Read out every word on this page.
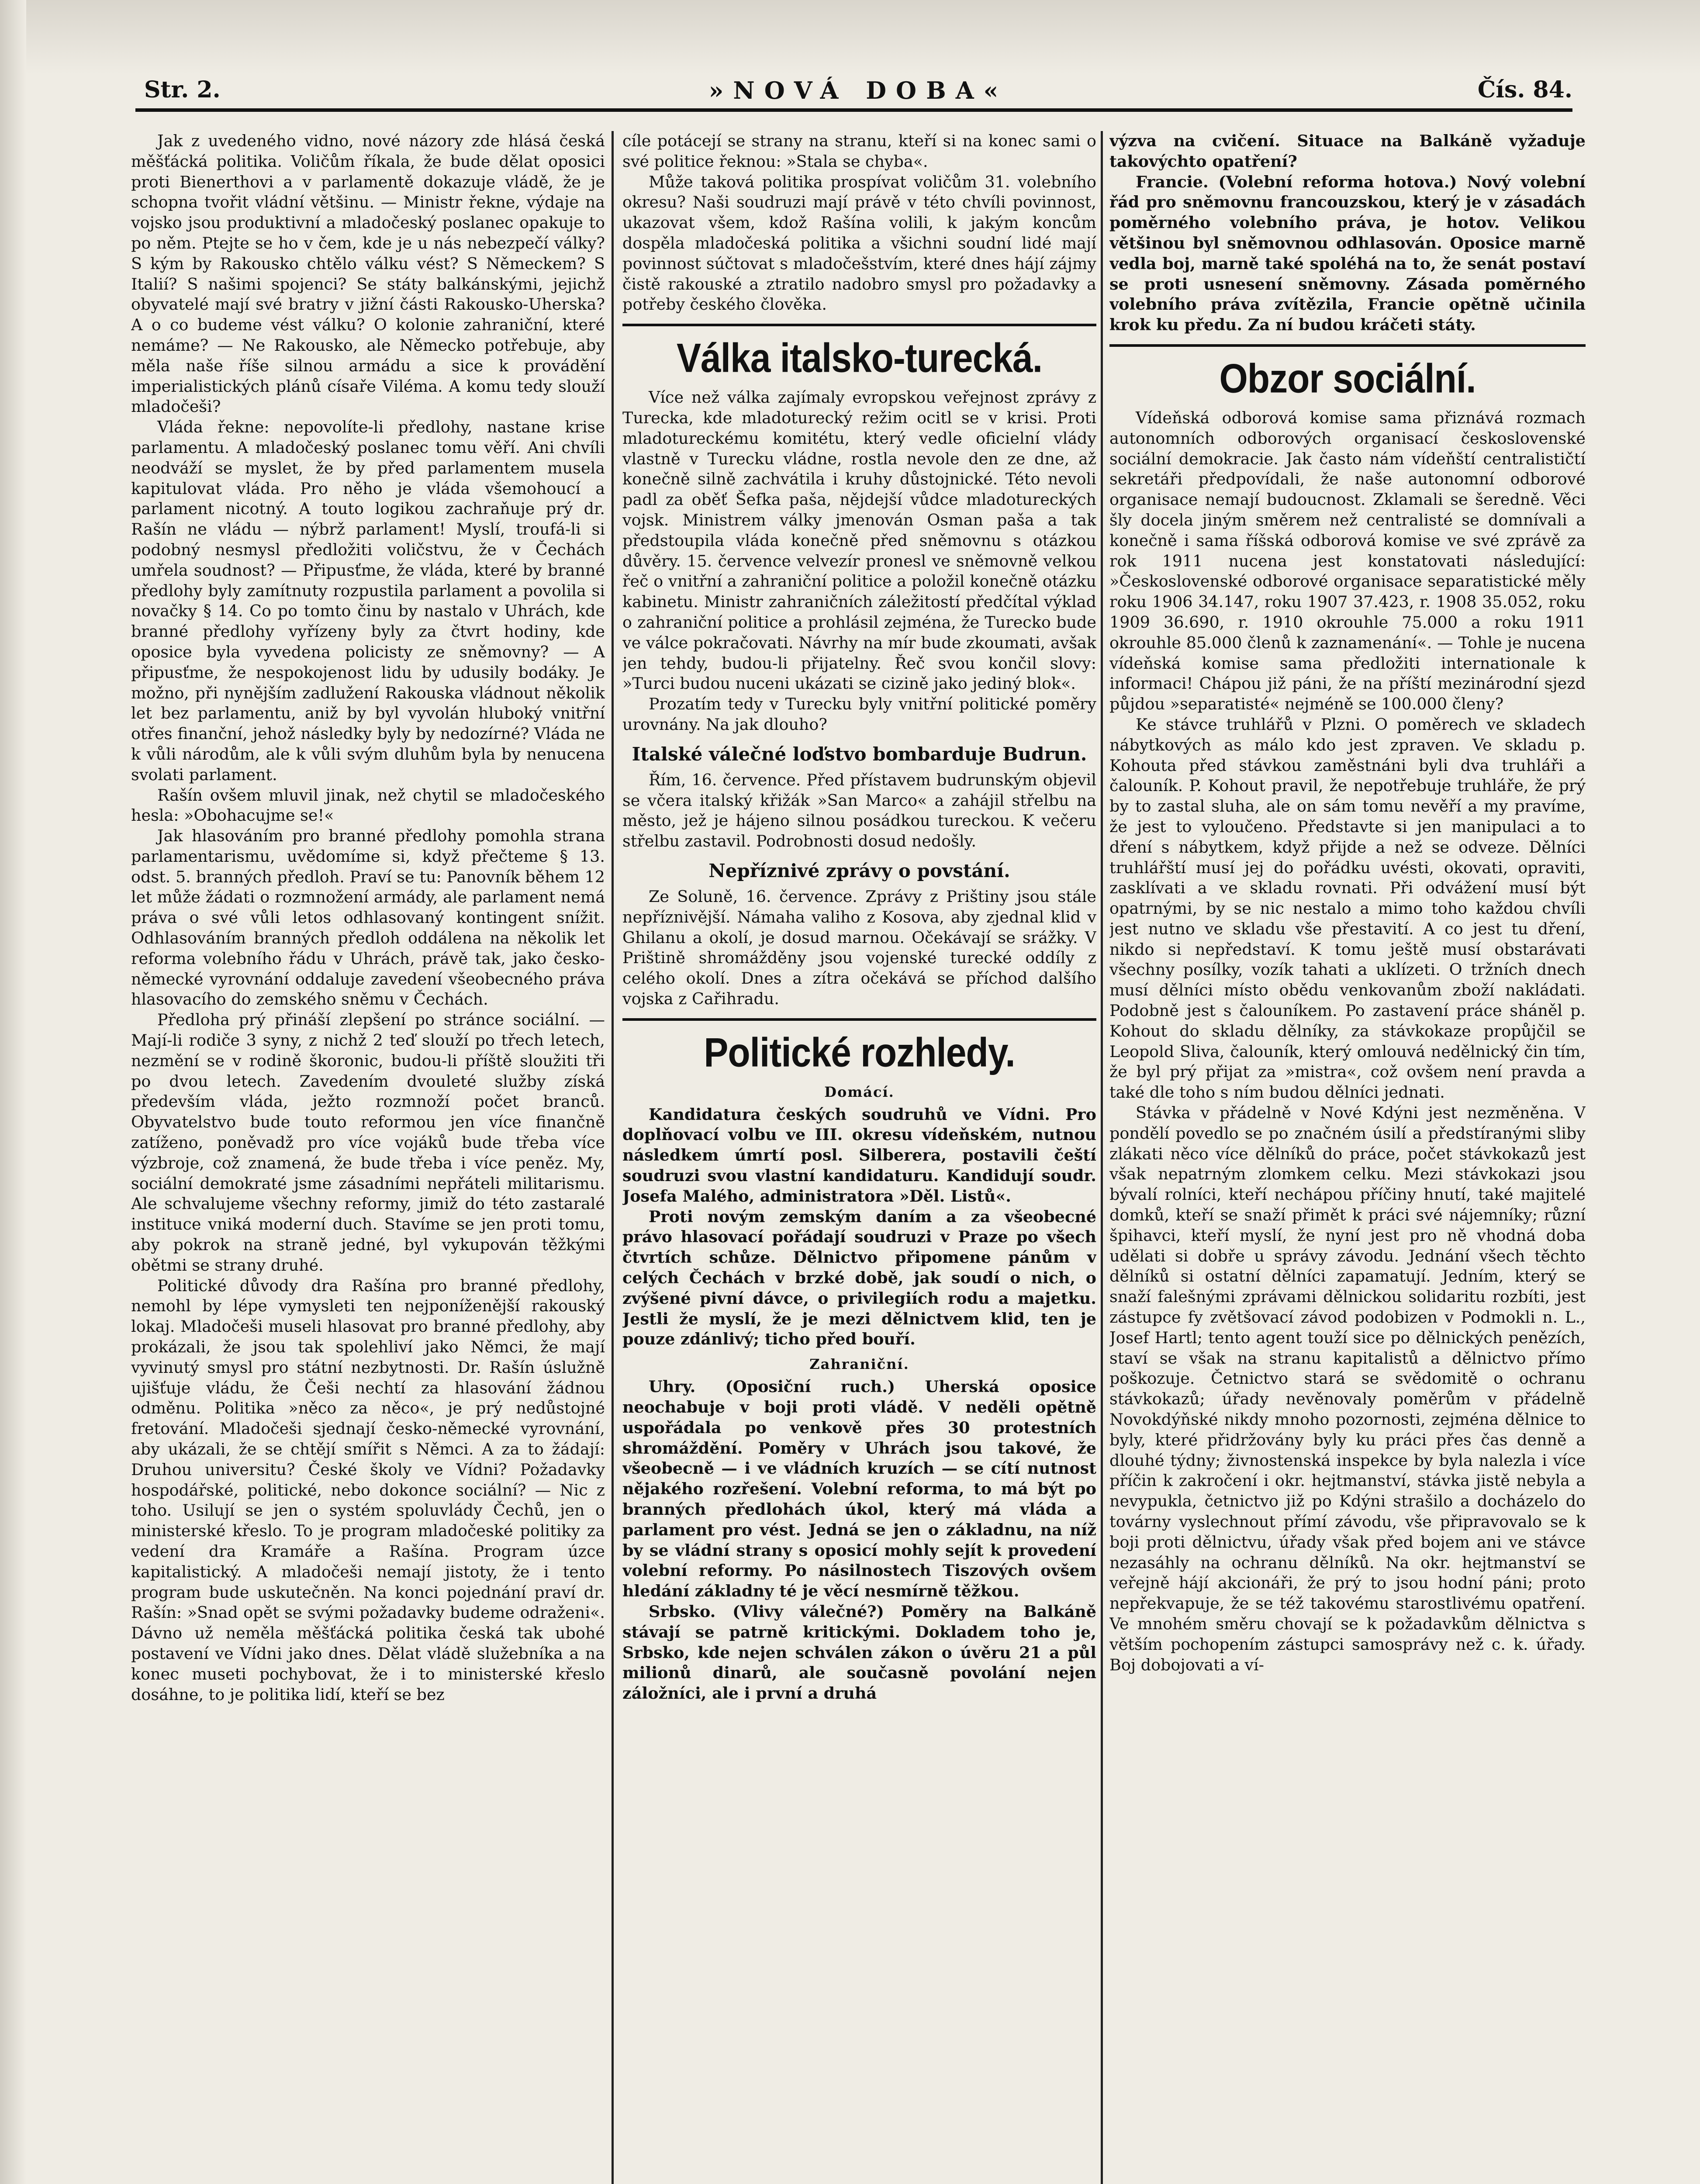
Str. 2.	»NOVÁ DOBA«	Čís. 84.

Jak z uvedeného vidno, nové názory zde hlásá česká měšťácká politika. Voličům říkala, že bude dělat oposici proti Bienerthovi a v parlamentě dokazuje vládě, že je schopna tvořit vládní většinu. — Ministr řekne, výdaje na vojsko jsou produktivní a mladočeský poslanec opakuje to po něm. Ptejte se ho v čem, kde je u nás nebezpečí války? S kým by Rakousko chtělo válku vést? S Německem? S Italií? S našimi spojenci? Se státy balkánskými, jejichž obyvatelé mají své bratry v jižní části Rakousko-Uherska? A o co budeme vést válku? O kolonie zahraniční, které nemáme? — Ne Rakousko, ale Německo potřebuje, aby měla naše říše silnou armádu a sice k provádění imperialistických plánů císaře Viléma. A komu tedy slouží mladočeši?

Vláda řekne: nepovolíte-li předlohy, nastane krise parlamentu. A mladočeský poslanec tomu věří. Ani chvíli neodváží se myslet, že by před parlamentem musela kapitulovat vláda. Pro něho je vláda všemohoucí a parlament nicotný. A touto logikou zachraňuje prý dr. Rašín ne vládu — nýbrž parlament! Myslí, troufá-li si podobný nesmysl předložiti voličstvu, že v Čechách umřela soudnost? — Připusťme, že vláda, které by branné předlohy byly zamítnuty rozpustila parlament a povolila si novačky § 14. Co po tomto činu by nastalo v Uhrách, kde branné předlohy vyřízeny byly za čtvrt hodiny, kde oposice byla vyvedena policisty ze sněmovny? — A připusťme, že nespokojenost lidu by udusily bodáky. Je možno, při nynějším zadlužení Rakouska vládnout několik let bez parlamentu, aniž by byl vyvolán hluboký vnitřní otřes finanční, jehož následky byly by nedozírné? Vláda ne k vůli národům, ale k vůli svým dluhům byla by nenucena svolati parlament.

Rašín ovšem mluvil jinak, než chytil se mladočeského hesla: »Obohacujme se!«

Jak hlasováním pro branné předlohy pomohla strana parlamentarismu, uvědomíme si, když přečteme § 13. odst. 5. branných předloh. Praví se tu: Panovník během 12 let může žádati o rozmnožení armády, ale parlament nemá práva o své vůli letos odhlasovaný kontingent snížit. Odhlasováním branných předloh oddálena na několik let reforma volebního řádu v Uhrách, právě tak, jako česko-německé vyrovnání oddaluje zavedení všeobecného práva hlasovacího do zemského sněmu v Čechách.

Předloha prý přináší zlepšení po stránce sociální. — Mají-li rodiče 3 syny, z nichž 2 teď slouží po třech letech, nezmění se v rodině škoronic, budou-li příště sloužiti tři po dvou letech. Zavedením dvouleté služby získá především vláda, ježto rozmnoží počet branců. Obyvatelstvo bude touto reformou jen více finančně zatíženo, poněvadž pro více vojáků bude třeba více výzbroje, což znamená, že bude třeba i více peněz. My, sociální demokraté jsme zásadními nepřáteli militarismu. Ale schvalujeme všechny reformy, jimiž do této zastaralé instituce vniká moderní duch. Stavíme se jen proti tomu, aby pokrok na straně jedné, byl vykupován těžkými obětmi se strany druhé.

Politické důvody dra Rašína pro branné předlohy, nemohl by lépe vymysleti ten nejponíženější rakouský lokaj. Mladočeši museli hlasovat pro branné předlohy, aby prokázali, že jsou tak spolehliví jako Němci, že mají vyvinutý smysl pro státní nezbytnosti. Dr. Rašín úslužně ujišťuje vládu, že Češi nechtí za hlasování žádnou odměnu. Politika »něco za něco«, je prý nedůstojné fretování. Mladočeši sjednají česko-německé vyrovnání, aby ukázali, že se chtějí smířit s Němci. A za to žádají: Druhou universitu? České školy ve Vídni? Požadavky hospodářské, politické, nebo dokonce sociální? — Nic z toho. Usilují se jen o systém spoluvlády Čechů, jen o ministerské křeslo. To je program mladočeské politiky za vedení dra Kramáře a Rašína. Program úzce kapitalistický. A mladočeši nemají jistoty, že i tento program bude uskutečněn. Na konci pojednání praví dr. Rašín: »Snad opět se svými požadavky budeme odraženi«. Dávno už neměla měšťácká politika česká tak ubohé postavení ve Vídni jako dnes. Dělat vládě služebníka a na konec museti pochybovat, že i to ministerské křeslo dosáhne, to je politika lidí, kteří se bez

cíle potácejí se strany na stranu, kteří si na konec sami o své politice řeknou: »Stala se chyba«.

Může taková politika prospívat voličům 31. volebního okresu? Naši soudruzi mají právě v této chvíli povinnost, ukazovat všem, kdož Rašína volili, k jakým koncům dospěla mladočeská politika a všichni soudní lidé mají povinnost súčtovat s mladočešstvím, které dnes hájí zájmy čistě rakouské a ztratilo nadobro smysl pro požadavky a potřeby českého člověka.

Válka italsko-turecká.

Více než válka zajímaly evropskou veřejnost zprávy z Turecka, kde mladoturecký režim ocitl se v krisi. Proti mladotureckému komitétu, který vedle oficielní vlády vlastně v Turecku vládne, rostla nevole den ze dne, až konečně silně zachvátila i kruhy důstojnické. Této nevoli padl za oběť Šefka paša, nějdejší vůdce mladotureckých vojsk. Ministrem války jmenován Osman paša a tak předstoupila vláda konečně před sněmovnu s otázkou důvěry. 15. července velvezír pronesl ve sněmovně velkou řeč o vnitřní a zahraniční politice a položil konečně otázku kabinetu. Ministr zahraničních záležitostí předčítal výklad o zahraniční politice a prohlásil zejména, že Turecko bude ve válce pokračovati. Návrhy na mír bude zkoumati, avšak jen tehdy, budou-li přijatelny. Řeč svou končil slovy: »Turci budou nuceni ukázati se cizině jako jediný blok«.

Prozatím tedy v Turecku byly vnitřní politické poměry urovnány. Na jak dlouho?

Italské válečné loďstvo bombarduje Budrun.

Řím, 16. července. Před přístavem budrunským objevil se včera italský křižák »San Marco« a zahájil střelbu na město, jež je hájeno silnou posádkou tureckou. K večeru střelbu zastavil. Podrobnosti dosud nedošly.

Nepříznivé zprávy o povstání.

Ze Soluně, 16. července. Zprávy z Prištiny jsou stále nepříznivější. Námaha valiho z Kosova, aby zjednal klid v Ghilanu a okolí, je dosud marnou. Očekávají se srážky. V Prištině shromážděny jsou vojenské turecké oddíly z celého okolí. Dnes a zítra očekává se příchod dalšího vojska z Cařihradu.

Politické rozhledy.
Domácí.

Kandidatura českých soudruhů ve Vídni. Pro doplňovací volbu ve III. okresu vídeňském, nutnou následkem úmrtí posl. Silberera, postavili čeští soudruzi svou vlastní kandidaturu. Kandidují soudr. Josefa Malého, administratora »Děl. Listů«.

Proti novým zemským daním a za všeobecné právo hlasovací pořádají soudruzi v Praze po všech čtvrtích schůze. Dělnictvo připomene pánům v celých Čechách v brzké době, jak soudí o nich, o zvýšené pivní dávce, o privilegiích rodu a majetku. Jestli že myslí, že je mezi dělnictvem klid, ten je pouze zdánlivý; ticho před bouří.

Zahraniční.

Uhry. (Oposiční ruch.) Uherská oposice neochabuje v boji proti vládě. V neděli opětně uspořádala po venkově přes 30 protestních shromáždění. Poměry v Uhrách jsou takové, že všeobecně — i ve vládních kruzích — se cítí nutnost nějakého rozřešení. Volební reforma, to má být po branných předlohách úkol, který má vláda a parlament pro vést. Jedná se jen o základnu, na níž by se vládní strany s oposicí mohly sejít k provedení volební reformy. Po násilnostech Tiszových ovšem hledání základny té je věcí nesmírně těžkou.

Srbsko. (Vlivy válečné?) Poměry na Balkáně stávají se patrně kritickými. Dokladem toho je, Srbsko, kde nejen schválen zákon o úvěru 21 a půl milionů dinarů, ale současně povolání nejen záložníci, ale i první a druhá

výzva na cvičení. Situace na Balkáně vyžaduje takovýchto opatření?

Francie. (Volební reforma hotova.) Nový volební řád pro sněmovnu francouzskou, který je v zásadách poměrného volebního práva, je hotov. Velikou většinou byl sněmovnou odhlasován. Oposice marně vedla boj, marně také spoléhá na to, že senát postaví se proti usnesení sněmovny. Zásada poměrného volebního práva zvítězila, Francie opětně učinila krok ku předu. Za ní budou kráčeti státy.

Obzor sociální.

Vídeňská odborová komise sama přiznává rozmach autonomních odborových organisací československé sociální demokracie. Jak často nám vídeňští centralističtí sekretáři předpovídali, že naše autonomní odborové organisace nemají budoucnost. Zklamali se šeredně. Věci šly docela jiným směrem než centralisté se domnívali a konečně i sama říšská odborová komise ve své zprávě za rok 1911 nucena jest konstatovati následující: »Československé odborové organisace separatistické měly roku 1906 34.147, roku 1907 37.423, r. 1908 35.052, roku 1909 36.690, r. 1910 okrouhle 75.000 a roku 1911 okrouhle 85.000 členů k zaznamenání«. — Tohle je nucena vídeňská komise sama předložiti internationale k informaci! Chápou již páni, že na příští mezinárodní sjezd půjdou »separatisté« nejméně se 100.000 členy?

Ke stávce truhlářů v Plzni. O poměrech ve skladech nábytkových as málo kdo jest zpraven. Ve skladu p. Kohouta před stávkou zaměstnáni byli dva truhláři a čalouník. P. Kohout pravil, že nepotřebuje truhláře, že prý by to zastal sluha, ale on sám tomu nevěří a my pravíme, že jest to vyloučeno. Představte si jen manipulaci a to dření s nábytkem, když přijde a než se odveze. Dělníci truhlářští musí jej do pořádku uvésti, okovati, opraviti, zasklívati a ve skladu rovnati. Při odvážení musí být opatrnými, by se nic nestalo a mimo toho každou chvíli jest nutno ve skladu vše přestavití. A co jest tu dření, nikdo si nepředstaví. K tomu ještě musí obstarávati všechny posílky, vozík tahati a uklízeti. O tržních dnech musí dělníci místo obědu venkovanům zboží nakládati. Podobně jest s čalouníkem. Po zastavení práce sháněl p. Kohout do skladu dělníky, za stávkokaze propůjčil se Leopold Sliva, čalouník, který omlouvá nedělnický čin tím, že byl prý přijat za »mistra«, což ovšem není pravda a také dle toho s ním budou dělníci jednati.

Stávka v přádelně v Nové Kdýni jest nezměněna. V pondělí povedlo se po značném úsilí a předstíranými sliby zlákati něco více dělníků do práce, počet stávkokazů jest však nepatrným zlomkem celku. Mezi stávkokazi jsou bývalí rolníci, kteří nechápou příčiny hnutí, také majitelé domků, kteří se snaží přimět k práci své nájemníky; různí špihavci, kteří myslí, že nyní jest pro ně vhodná doba udělati si dobře u správy závodu. Jednání všech těchto dělníků si ostatní dělníci zapamatují. Jedním, který se snaží falešnými zprávami dělnickou solidaritu rozbíti, jest zástupce fy zvětšovací závod podobizen v Podmokli n. L., Josef Hartl; tento agent touží sice po dělnických penězích, staví se však na stranu kapitalistů a dělnictvo přímo poškozuje. Četnictvo stará se svědomitě o ochranu stávkokazů; úřady nevěnovaly poměrům v přádelně Novokdýňské nikdy mnoho pozornosti, zejména dělnice to byly, které přidržovány byly ku práci přes čas denně a dlouhé týdny; živnostenská inspekce by byla nalezla i více příčin k zakročení i okr. hejtmanství, stávka jistě nebyla a nevypukla, četnictvo již po Kdýni strašilo a docházelo do továrny vyslechnout přímí závodu, vše připravovalo se k boji proti dělnictvu, úřady však před bojem ani ve stávce nezasáhly na ochranu dělníků. Na okr. hejtmanství se veřejně hájí akcionáři, že prý to jsou hodní páni; proto nepřekvapuje, že se též takovému starostlivému opatření. Ve mnohém směru chovají se k požadavkům dělnictva s větším pochopením zástupci samosprávy než c. k. úřady. Boj dobojovati a ví-
